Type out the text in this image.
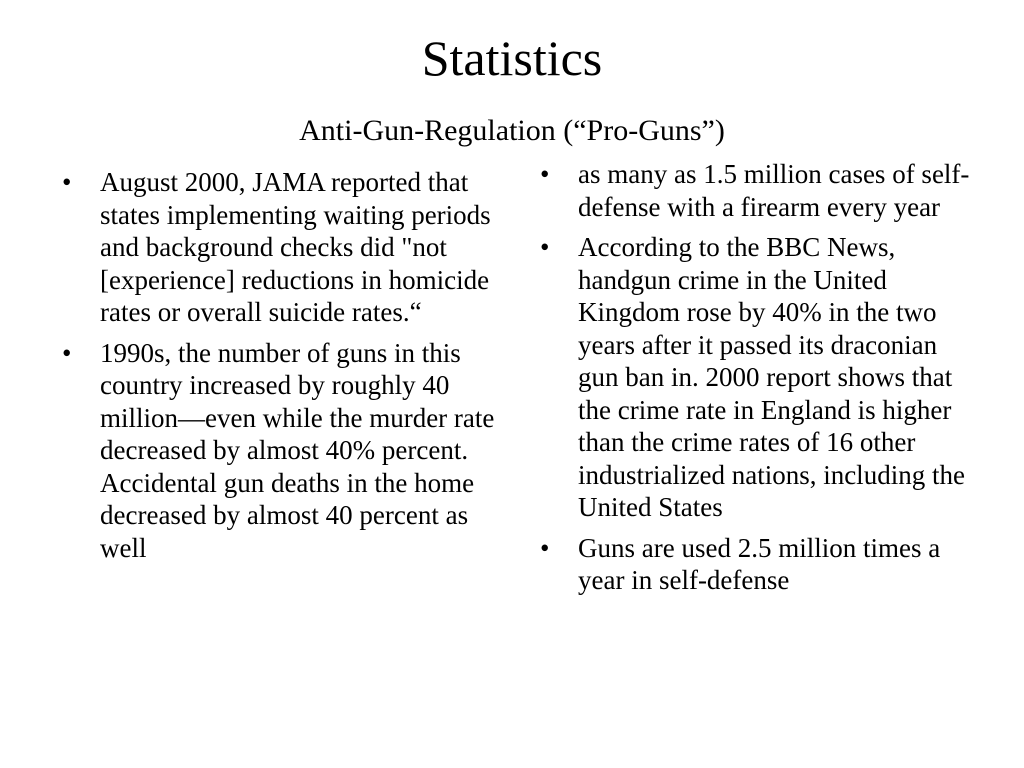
Statistics
Anti-Gun-Regulation (“Pro-Guns”)
• August 2000, JAMA reported that states implementing waiting periods and background checks did "not [experience] reductions in homicide rates or overall suicide rates.“
• 1990s, the number of guns in this country increased by roughly 40 million—even while the murder rate decreased by almost 40% percent. Accidental gun deaths in the home decreased by almost 40 percent as well
• as many as 1.5 million cases of self-defense with a firearm every year
• According to the BBC News, handgun crime in the United Kingdom rose by 40% in the two years after it passed its draconian gun ban in. 2000 report shows that the crime rate in England is higher than the crime rates of 16 other industrialized nations, including the United States
• Guns are used 2.5 million times a year in self-defense
